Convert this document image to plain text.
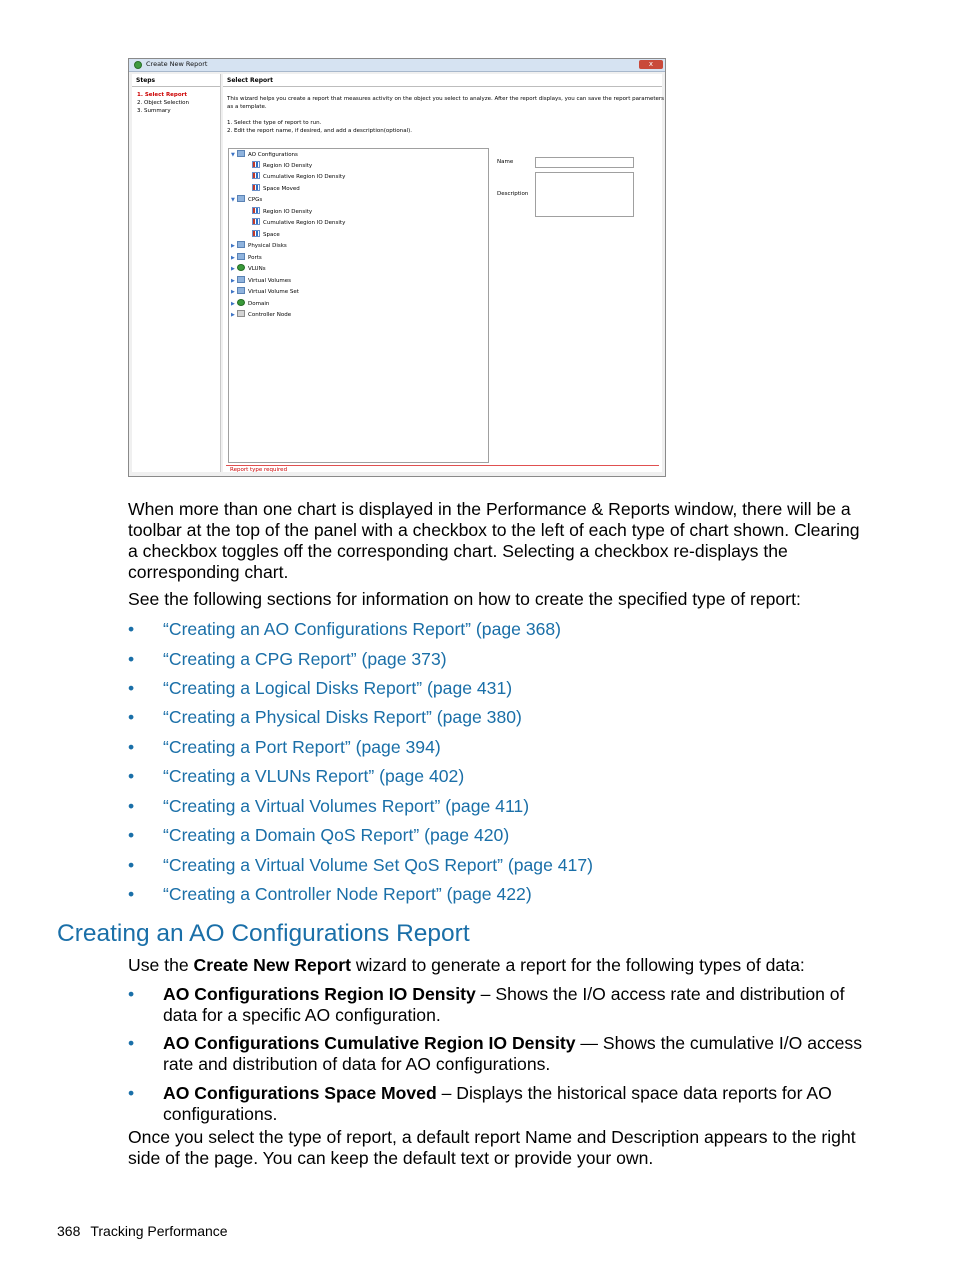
Create New Report	x
Steps
1. Select Report
2. Object Selection
3. Summary
Select Report
This wizard helps you create a report that measures activity on the object you select to analyze. After the report displays, you can save the report parameters as a template.
1. Select the type of report to run.
2. Edit the report name, if desired, and add a description(optional).
▼ AO Configurations
Region IO Density
Cumulative Region IO Density
Space Moved
▼ CPGs
Region IO Density
Cumulative Region IO Density
Space
▶ Physical Disks
▶ Ports
▶ VLUNs
▶ Virtual Volumes
▶ Virtual Volume Set
▶ Domain
▶ Controller Node
Name
Description
Report type required
When more than one chart is displayed in the Performance & Reports window, there will be a toolbar at the top of the panel with a checkbox to the left of each type of chart shown. Clearing a checkbox toggles off the corresponding chart. Selecting a checkbox re-displays the corresponding chart.
See the following sections for information on how to create the specified type of report:
• “Creating an AO Configurations Report” (page 368)
• “Creating a CPG Report” (page 373)
• “Creating a Logical Disks Report” (page 431)
• “Creating a Physical Disks Report” (page 380)
• “Creating a Port Report” (page 394)
• “Creating a VLUNs Report” (page 402)
• “Creating a Virtual Volumes Report” (page 411)
• “Creating a Domain QoS Report” (page 420)
• “Creating a Virtual Volume Set QoS Report” (page 417)
• “Creating a Controller Node Report” (page 422)
Creating an AO Configurations Report
Use the Create New Report wizard to generate a report for the following types of data:
• AO Configurations Region IO Density – Shows the I/O access rate and distribution of data for a specific AO configuration.
• AO Configurations Cumulative Region IO Density — Shows the cumulative I/O access rate and distribution of data for AO configurations.
• AO Configurations Space Moved – Displays the historical space data reports for AO configurations.
Once you select the type of report, a default report Name and Description appears to the right side of the page. You can keep the default text or provide your own.
368 Tracking Performance
